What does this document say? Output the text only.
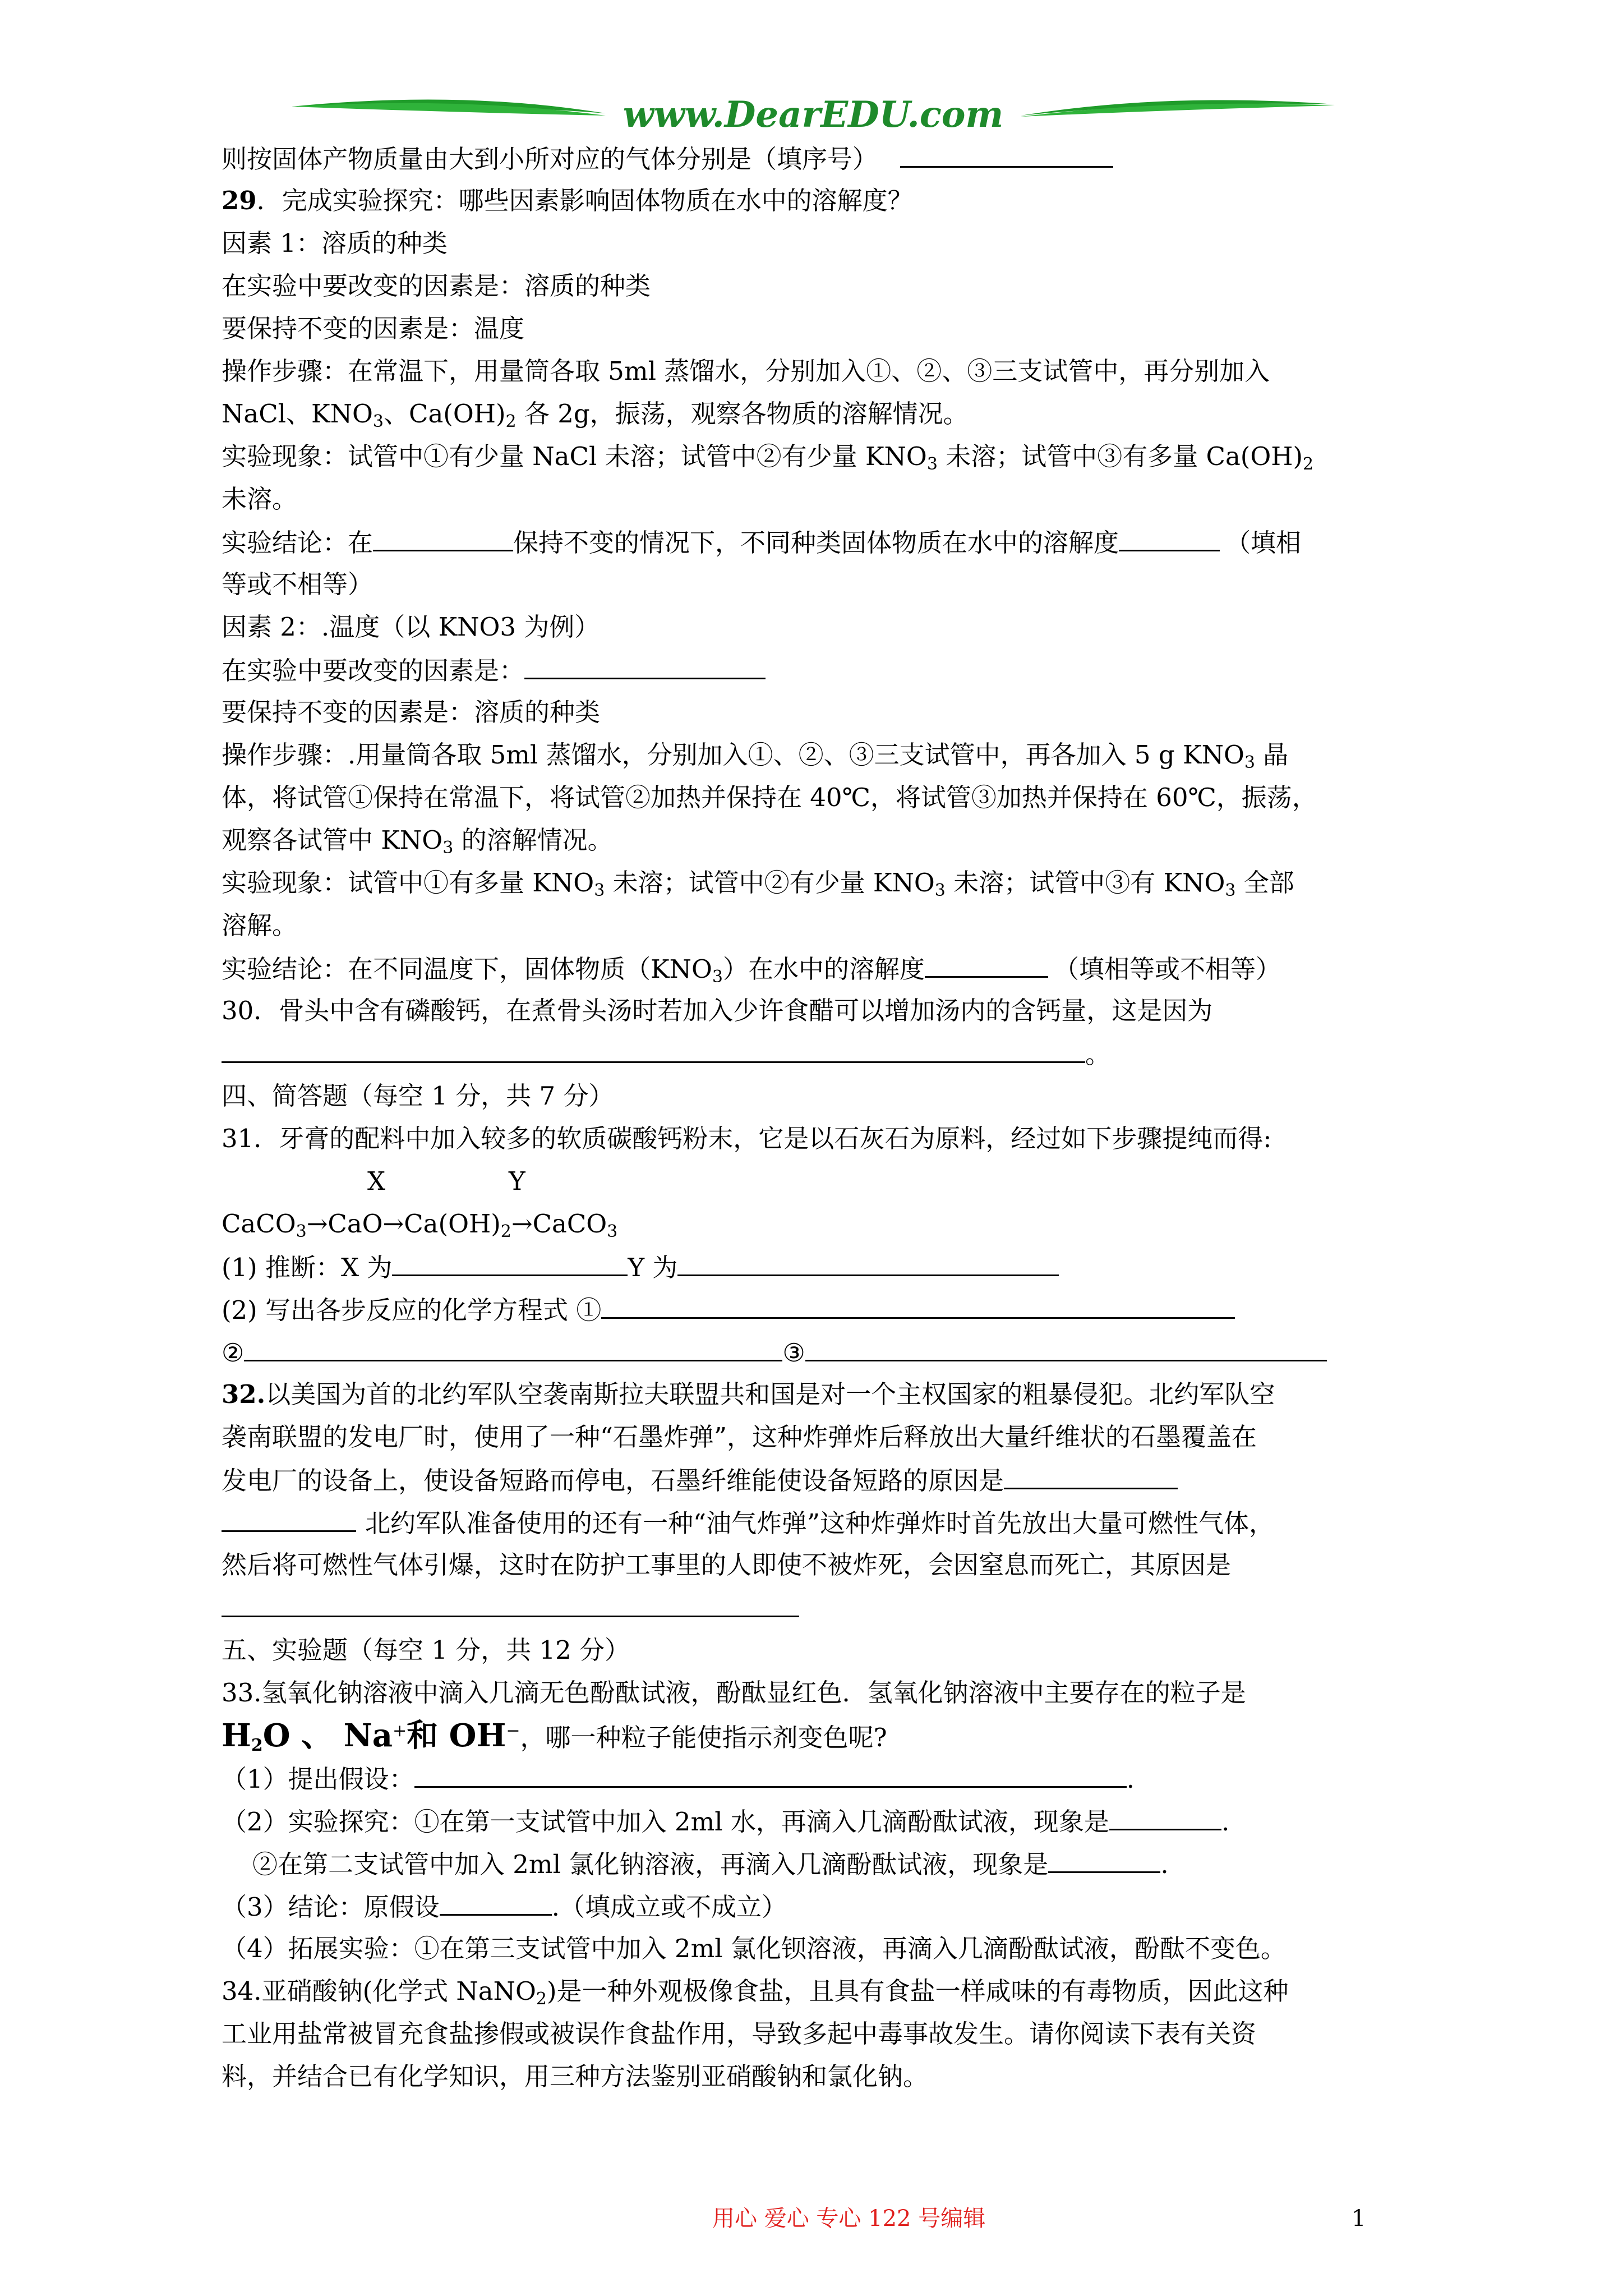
www.DearEDU.com
则按固体产物质量由大到小所对应的气体分别是（填序号）
29．完成实验探究：哪些因素影响固体物质在水中的溶解度？
因素 1：溶质的种类
在实验中要改变的因素是：溶质的种类
要保持不变的因素是：温度
操作步骤：在常温下，用量筒各取 5ml 蒸馏水，分别加入①、②、③三支试管中，再分别加入
NaCl、$KNO_3$、$Ca(OH)_2$ 各 2g，振荡，观察各物质的溶解情况。
实验现象：试管中①有少量 NaCl 未溶；试管中②有少量 $KNO_3$ 未溶；试管中③有多量 $Ca(OH)_2$
未溶。
实验结论：在	保持不变的情况下，不同种类固体物质在水中的溶解度	（填相
等或不相等）
因素 2：.温度（以 KNO3 为例）
在实验中要改变的因素是：
要保持不变的因素是：溶质的种类
操作步骤：.用量筒各取 5ml 蒸馏水，分别加入①、②、③三支试管中，再各加入 5 g $KNO_3$ 晶
体，将试管①保持在常温下，将试管②加热并保持在 40℃，将试管③加热并保持在 60℃，振荡，
观察各试管中 $KNO_3$ 的溶解情况。
实验现象：试管中①有多量 $KNO_3$ 未溶；试管中②有少量 $KNO_3$ 未溶；试管中③有 $KNO_3$ 全部
溶解。
实验结论：在不同温度下，固体物质$(KNO_3)$在水中的溶解度	（填相等或不相等）
30．骨头中含有磷酸钙，在煮骨头汤时若加入少许食醋可以增加汤内的含钙量，这是因为
。
四、简答题（每空 1 分，共 7 分）
31．牙膏的配料中加入较多的软质碳酸钙粉末，它是以石灰石为原料，经过如下步骤提纯而得:
X	Y
$CaCO_3\to CaO\to Ca(OH)_2\to CaCO_3$
(1) 推断：X 为	Y 为
(2) 写出各步反应的化学方程式 ①
②	③
32.以美国为首的北约军队空袭南斯拉夫联盟共和国是对一个主权国家的粗暴侵犯。北约军队空
袭南联盟的发电厂时，使用了一种“石墨炸弹”，这种炸弹炸后释放出大量纤维状的石墨覆盖在
发电厂的设备上，使设备短路而停电，石墨纤维能使设备短路的原因是
北约军队准备使用的还有一种“油气炸弹”这种炸弹炸时首先放出大量可燃性气体，
然后将可燃性气体引爆，这时在防护工事里的人即使不被炸死，会因窒息而死亡，其原因是
五、实验题（每空 1 分，共 12 分）
33.氢氧化钠溶液中滴入几滴无色酚酞试液，酚酞显红色．氢氧化钠溶液中主要存在的粒子是
$H_2O$ 、 Na+和 OH−，哪一种粒子能使指示剂变色呢?
（1）提出假设：	.
（2）实验探究：①在第一支试管中加入 2ml 水，再滴入几滴酚酞试液，现象是	.
②在第二支试管中加入 2ml 氯化钠溶液，再滴入几滴酚酞试液，现象是	.
（3）结论：原假设	.（填成立或不成立）
（4）拓展实验：①在第三支试管中加入 2ml 氯化钡溶液，再滴入几滴酚酞试液，酚酞不变色。
34.亚硝酸钠(化学式 NaNO$_2$)是一种外观极像食盐，且具有食盐一样咸味的有毒物质，因此这种
工业用盐常被冒充食盐掺假或被误作食盐作用，导致多起中毒事故发生。请你阅读下表有关资
料，并结合已有化学知识，用三种方法鉴别亚硝酸钠和氯化钠。
用心 爱心 专心 122 号编辑	1
